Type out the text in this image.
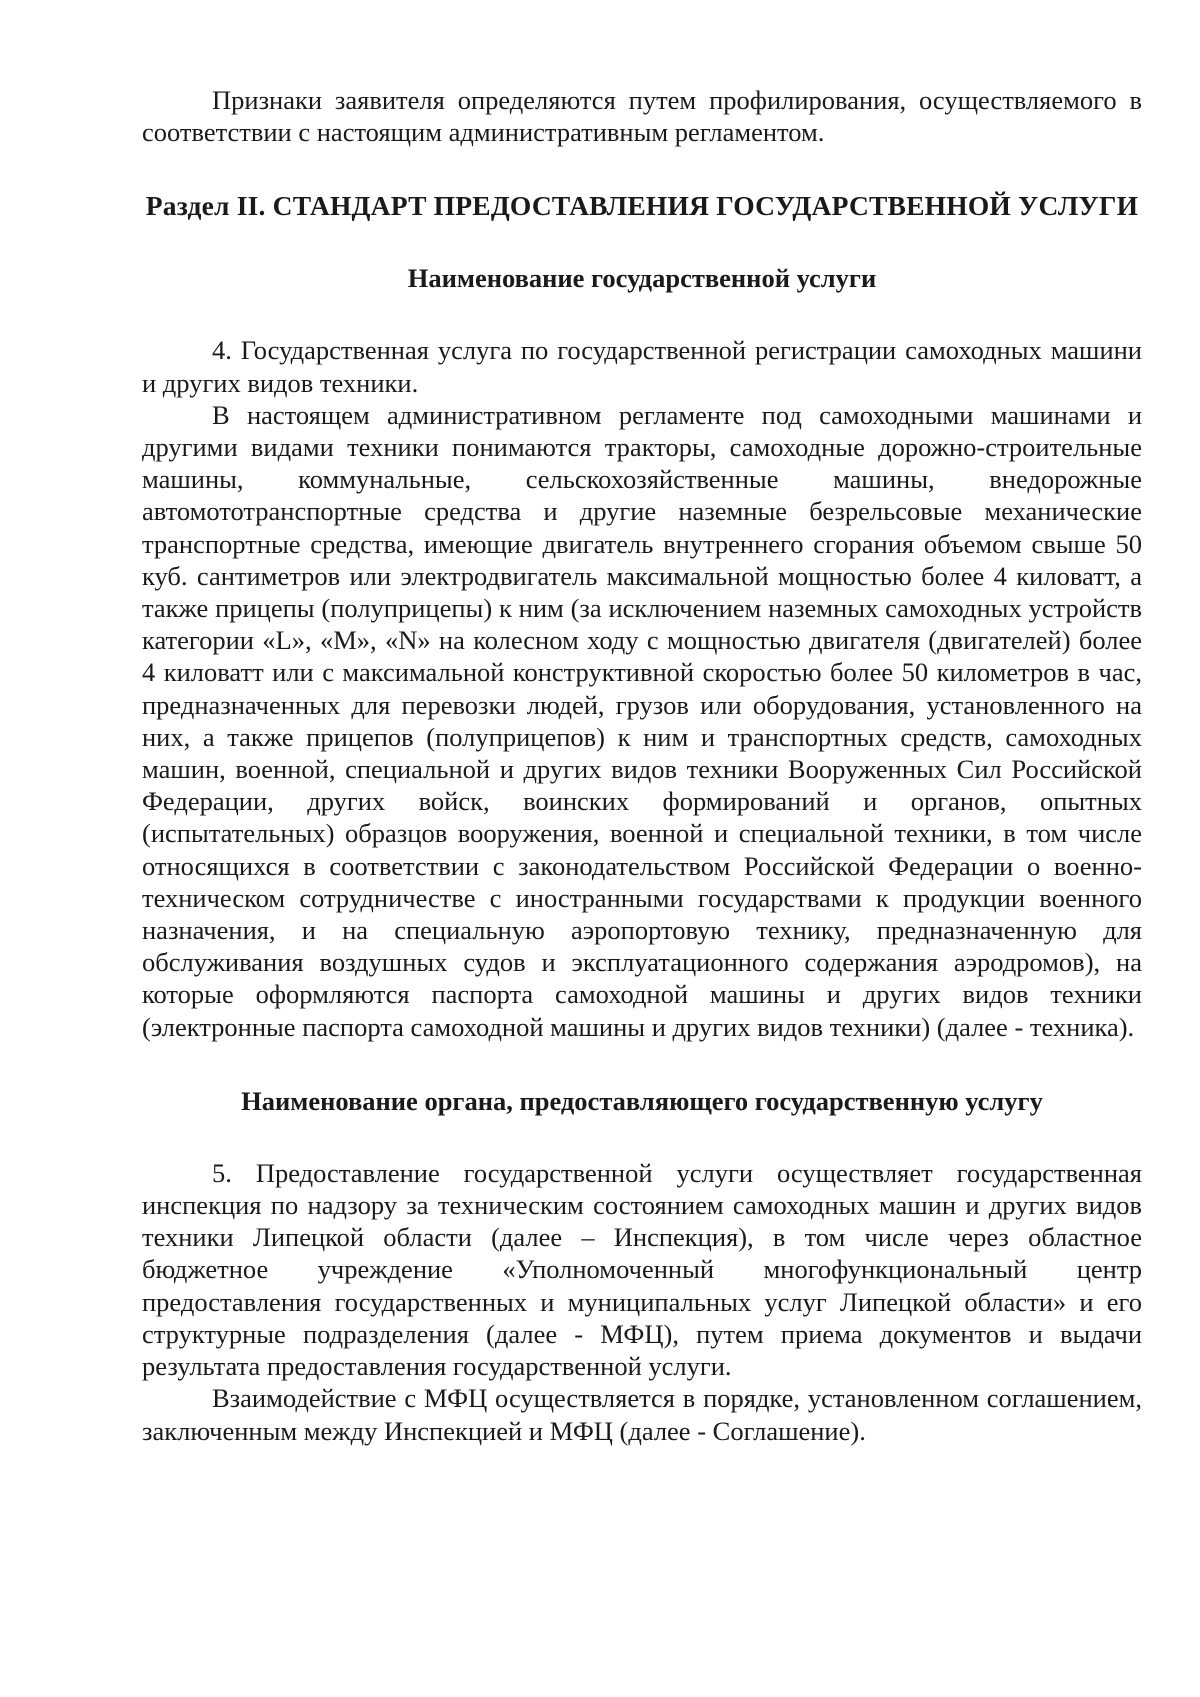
Признаки заявителя определяются путем профилирования, осуществляемого в соответствии с настоящим административным регламентом.

Раздел II. СТАНДАРТ ПРЕДОСТАВЛЕНИЯ ГОСУДАРСТВЕННОЙ УСЛУГИ
Наименование государственной услуги

4. Государственная услуга по государственной регистрации самоходных машини и других видов техники.

В настоящем административном регламенте под самоходными машинами и другими видами техники понимаются тракторы, самоходные дорожно-строительные машины, коммунальные, сельскохозяйственные машины, внедорожные автомототранспортные средства и другие наземные безрельсовые механические транспортные средства, имеющие двигатель внутреннего сгорания объемом свыше 50 куб. сантиметров или электродвигатель максимальной мощностью более 4 киловатт, а также прицепы (полуприцепы) к ним (за исключением наземных самоходных устройств категории «L», «M», «N» на колесном ходу с мощностью двигателя (двигателей) более 4 киловатт или с максимальной конструктивной скоростью более 50 километров в час, предназначенных для перевозки людей, грузов или оборудования, установленного на них, а также прицепов (полуприцепов) к ним и транспортных средств, самоходных машин, военной, специальной и других видов техники Вооруженных Сил Российской Федерации, других войск, воинских формирований и органов, опытных (испытательных) образцов вооружения, военной и специальной техники, в том числе относящихся в соответствии с законодательством Российской Федерации о военно-техническом сотрудничестве с иностранными государствами к продукции военного назначения, и на специальную аэропортовую технику, предназначенную для обслуживания воздушных судов и эксплуатационного содержания аэродромов), на которые оформляются паспорта самоходной машины и других видов техники (электронные паспорта самоходной машины и других видов техники) (далее - техника).

Наименование органа, предоставляющего государственную услугу

5. Предоставление государственной услуги осуществляет государственная инспекция по надзору за техническим состоянием самоходных машин и других видов техники Липецкой области (далее – Инспекция), в том числе через областное бюджетное учреждение «Уполномоченный многофункциональный центр предоставления государственных и муниципальных услуг Липецкой области» и его структурные подразделения (далее - МФЦ), путем приема документов и выдачи результата предоставления государственной услуги.

Взаимодействие с МФЦ осуществляется в порядке, установленном соглашением, заключенным между Инспекцией и МФЦ (далее - Соглашение).
